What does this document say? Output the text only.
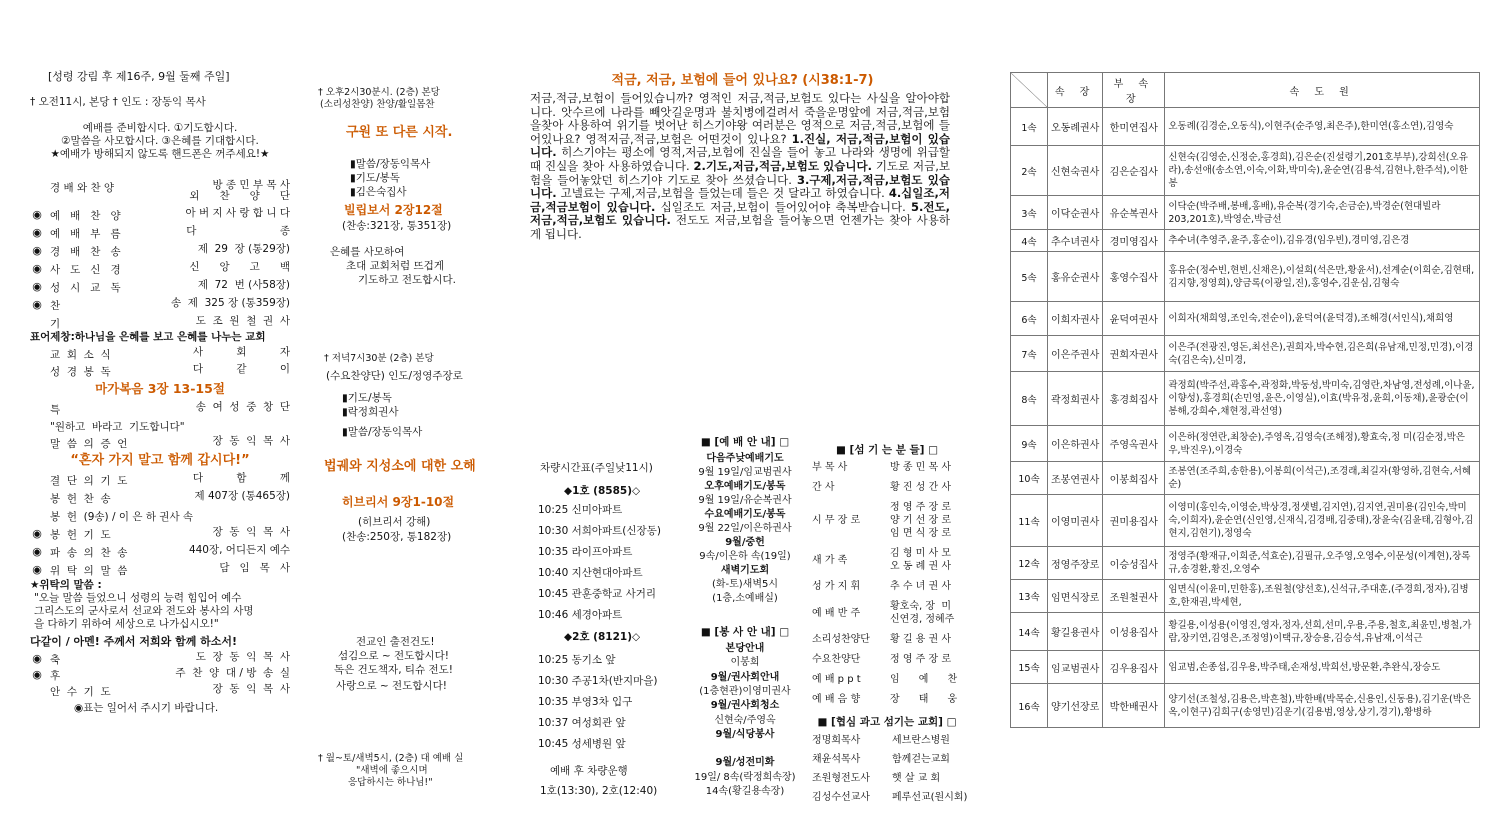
[성령 강림 후 제16주, 9월 둘째 주일]
† 오전11시, 본당 † 인도 : 장동익 목사
예배를 준비합시다. ①기도합시다.
②말씀을 사모합시다. ③은혜를 기대합시다.
★예배가 방해되지 않도록 핸드폰은 꺼주세요!★
경 배 와 찬 양	방 종 민 부 목 사
외      찬      양      단
◉ 예   배   찬   양	아 버 지 사 랑 합 니 다
◉ 예   배   부   름	다                         종
◉ 경   배   찬   송	제  29  장 (통29장)
◉ 사   도   신   경	신      앙      고      백
◉ 성   시   교   독	제  72  번 (사58장)
◉ 찬	송  제  325 장 (통359장)
기	도  조  원  철  권  사
표어제창:하나님을 은혜를 보고 은혜를 나누는 교회
교  회  소  식	사          회          자
성  경  봉  독	다          같          이
마가복음 3장 13-15절
특	송  여  성  중  창  단
"원하고  바라고  기도합니다"
말  씀  의  증  언	장  동  익  목  사
“혼자 가지 말고 함께 갑시다!”
결  단  의  기  도	다          함          께
봉  헌  찬  송	제 407장 (통465장)
봉  헌  (9송) / 이 은 하 권사 속
◉ 봉  헌  기  도	장  동  익  목  사
◉ 파  송  의  찬  송	440장, 어디든지 예수
◉ 위  탁  의  말  씀	담   임   목   사
★위탁의 말씀 :
"오늘 말씀 들었으니 성령의 능력 힘입어 예수
그리스도의 군사로서 선교와 전도와 봉사의 사명
을 다하기 위하여 세상으로 나가십시오!"
다같이 / 아멘! 주께서 저희와 함께 하소서!
◉ 축	도  장  동  익  목  사
◉ 후	주  찬  양  대 / 방  송  실
안  수  기  도	장  동  익  목  사
◉표는 일어서 주시기 바랍니다.
† 오후2시30분시. (2층) 본당
(소리성찬양) 찬양/활일몸찬
구원 또 다른 시작.
▮말씀/장동익목사
▮기도/봉독
▮김은숙집사
빌립보서 2장12절
(찬송:321장, 통351장)
은혜를 사모하여
초대 교회처럼 뜨겁게
기도하고 전도합시다.
† 저녁7시30분 (2층) 본당
(수요찬양단) 인도/정영주장로
▮기도/봉독
▮락정희권사
▮말씀/장동익목사
법궤와 지성소에 대한 오해
히브리서 9장1-10절
(히브리서 강해)
(찬송:250장, 통182장)
전교인 출전건도!
섬김으로 ~ 전도합시다!
독은 건도책자, 티슈 전도!
사랑으로 ~ 전도합시다!
† 월~토/새벽5시, (2층) 대 예배 실
"새벽에 좋으시며
응답하시는 하나님!"
적금, 저금, 보험에 들어 있나요? (시38:1-7)

저금,적금,보험이 들어있습니까? 영적인 저금,적금,보험도 있다는 사실을 알아야합니다. 앗수르에 나라를 빼앗길운명과 불치병에걸려서 죽을운명앞에 저금,적금,보험을찾아 사용하여 위기를 벗어난 히스기야왕 여러분은 영적으로 저금,적금,보험에 들어있나요? 영적저금,적금,보험은 어떤것이 있나요? 1.진실, 저금,적금,보험이 있습니다. 히스기야는 평소에 영적,저금,보험에 진실을 들어 놓고 나라와 생명에 위급할 때 진실을 찾아 사용하였습니다. 2.기도,저금,적금,보험도 있습니다. 기도로 저금,보험을 들어놓았던 히스기야 기도로 찾아 쓰셨습니다. 3.구제,저금,적금,보험도 있습니다. 고넬료는 구제,저금,보험을 들었는데 들은 것 달라고 하였습니다. 4.십일조,저금,적금보험이 있습니다. 십일조도 저금,보험이 들어있어야 축복받습니다. 5.전도,저금,적금,보험도 있습니다. 전도도 저금,보험을 들어놓으면 언젠가는 찾아 사용하게 됩니다.

차량시간표(주일낮11시)
◆1호 (8585)◇
10:25 신미아파트
10:30 서희아파트(신장동)
10:35 라이프아파트
10:40 지산현대아파트
10:45 관훈중학교 사거리
10:46 세경아파트
◆2호 (8121)◇
10:25 동기소 앞
10:30 주공1차(반지마을)
10:35 부영3차 입구
10:37 여성회관 앞
10:45 성세병원 앞
예배 후 차량운행
1호(13:30), 2호(12:40)
■ [예 배 안 내] □
다음주낮예배기도
9월 19일/임교범권사
오후예배기도/봉독
9월 19일/유순복권사
수요예배기도/봉독
9월 22일/이은하권사
9월/중헌
9속/이은하 속(19일)
새벽기도회
(화-토)새벽5시
(1층,소예배실)
■ [봉 사 안 내] □
본당안내
이봉희
9월/권사회안내
(1층현관)이영미권사
9월/권사회청소
신현숙/주영옥
9월/식당봉사
9월/성전미화
19일/ 8속(락정희속장)
14속(황길용속장)
■ [섬 기 는 분 들] □
부 목 사	방 종 민 목 사
간 사	황 진 성 간 사
시 무 장 로
정 영 주 장 로
양 기 선 장 로
임 면 식 장 로
새 가 족
김 형 미 사 모
오 동 례 권 사
성 가 지 휘	추 수 녀 권 사
예 배 반 주
황호숙, 장  미
신연경, 정혜주
소리성찬양단	황 길 용 권 사
수요찬양단	정 영 주 장 로
예 배 p p t	임      예      찬
예 배 음 향	장      태      웅
■ [협심 과고 섬기는 교회] □
정명희목사	세브란스병원
채윤석목사	함께걷는교회
조원형전도사 햇 살 교 회
김성수선교사 페루선교(원시회)
	속 장	부 속 장	속 도 원
1속	오동례권사	한미연집사	오동례(김경순,오동식),이현주(순주영,최은주),한미연(홍소연),김영숙
2속	신현숙권사	김은순집사	신현숙(김영순,신정순,홍경희),김은순(진설령기,201호부부),강희선(오유라),송선애(송소연,이숙,이화,박미숙),윤순연(김용석,김현나,한주석),이한봉
3속	이닥순권사	유순복권사	이닥순(박주배,봉배,홍배),유순복(경기숙,손금순),박경순(현대빌라203,201호),박영순,박금선
4속	추수녀권사	경미영집사	추수녀(추영주,윤주,홍순이),김유경(임우빈),경미영,김은경
5속	홍유순권사	홍영수집사	홍유순(정수빈,현빈,신채은),이설희(석은만,황윤서),선계순(이희순,김현태,김지향,정영희),양금록(이광일,진),홍영수,김운심,김형숙
6속	이희자권사	윤덕여권사	이희자(채희영,조인숙,전순이),윤덕여(윤덕경),조해경(서인식),채희영
7속	이은주권사	권희자권사	이은주(전광진,영돈,최선은),권희자,박수현,김은희(유남재,민정,민경),이경숙(김은숙),신미경,
8속	곽정희권사	홍경희집사	곽정희(박주선,곽홍수,곽정화,박동성,박미숙,김영란,차남영,전성례,이나윤,이향성),홍경희(손민영,윤은,이영실),이효(박유정,윤희,이동채),윤광순(이봉해,강희수,채현정,곽선영)
9속	이은하권사	주영옥권사	이은하(정연란,최창순),주영옥,김영숙(조해정),황효숙,정 미(김순정,박은우,박진우),이경숙
10속	조봉연권사	이봉희집사	조봉연(조주희,송한용),이봉희(이석근),조경래,최길자(황영하,김현숙,서혜순)
11속	이영미권사	권미용집사	이영미(홍인숙,이영순,박상경,정샛별,김지연),김지연,권미용(김인숙,박미숙,이희자),윤순연(신인영,신재식,김경배,김중태),장윤숙(김윤태,김형아,김현지,김현기),정영숙
12속	정영주장로	이승성집사	정영주(황재규,이희준,석효순),김필규,오주영,오영수,이문성(이계현),장록규,송경환,황진,오영수
13속	임면식장로	조원철권사	임면식(이윤미,민한홍),조원철(양선호),신석규,주대훈,(주경희,정자),김병호,한재권,박세현,
14속	황길용권사	이성용집사	황길용,이성용(이영진,영자,정자,선희,선미,우용,주용,철호,최윤민,병철,가람,장키연,김영은,조정영)이택규,장승용,김승석,유남재,이석근
15속	임교범권사	김우용집사	임교범,손종섭,김우용,박주태,손재성,박희선,방문환,추완식,장승도
16속	양기선장로	박한배권사	양기선(조철성,김용은,박흔철),박한배(박목순,신용인,신동용),김기운(박은옥,이현구)김희구(송영민)김운기(김용범,영상,상기,경기),황병하
